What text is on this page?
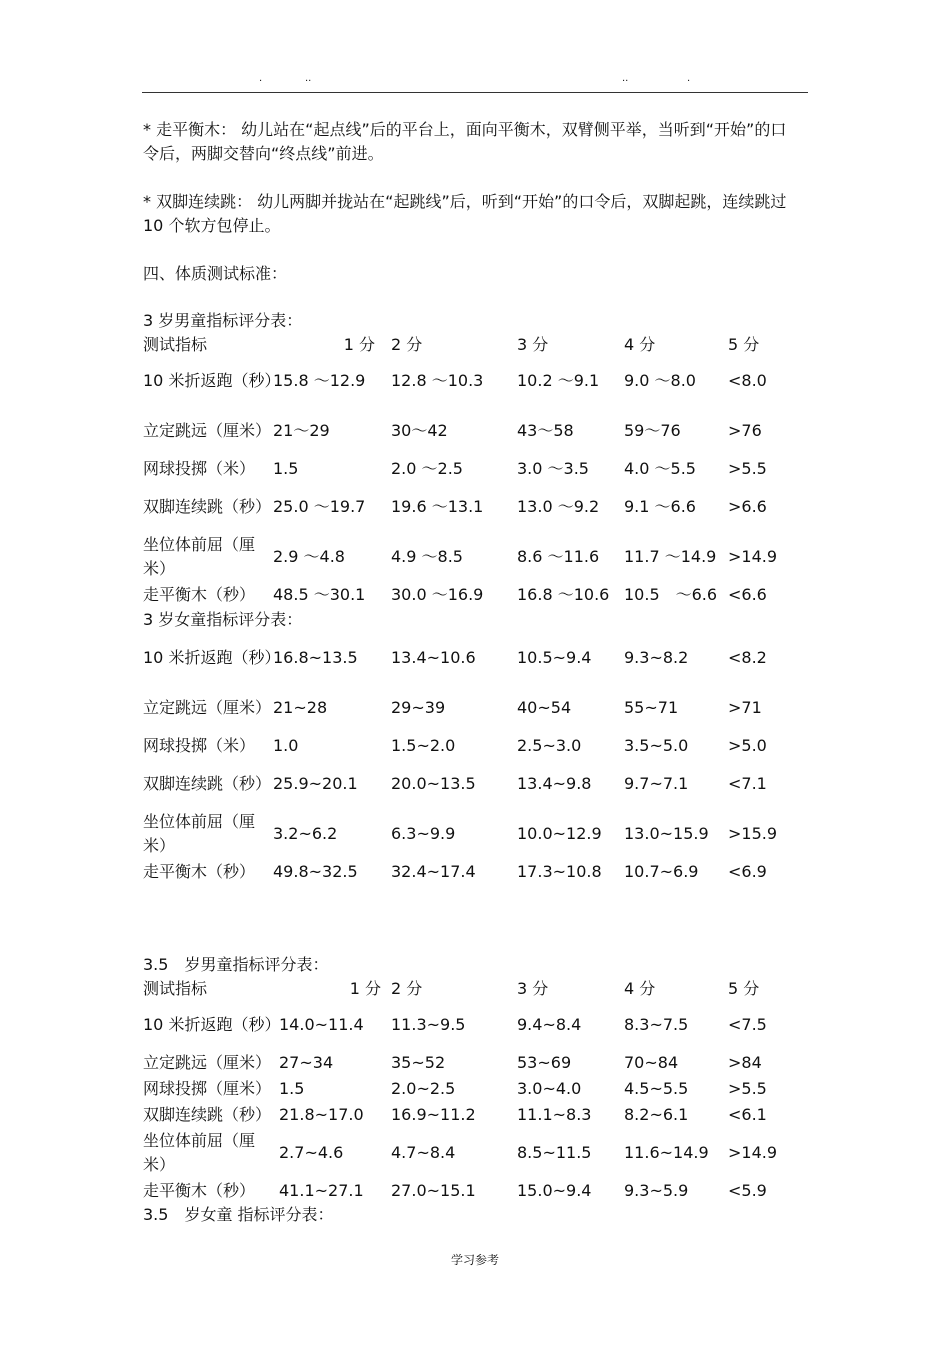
.	..	..	.
* 走平衡木： 幼儿站在“起点线”后的平台上，面向平衡木，双臂侧平举，当听到“开始”的口令后，两脚交替向“终点线”前进。
* 双脚连续跳： 幼儿两脚并拢站在“起跳线”后，听到“开始”的口令后，双脚起跳，连续跳过　10 个软方包停止。
四、体质测试标准：
3 岁男童指标评分表：
测试指标	1 分	2 分	3 分	4 分	5 分
10 米折返跑（秒）	15.8 ～12.9	12.8 ～10.3	10.2 ～9.1	9.0 ～8.0	<8.0
立定跳远（厘米）	21～29	30～42	43～58	59～76	>76
网球投掷（米）	1.5	2.0 ～2.5	3.0 ～3.5	4.0 ～5.5	>5.5
双脚连续跳（秒）	25.0 ～19.7	19.6 ～13.1	13.0 ～9.2	9.1 ～6.6	>6.6
坐位体前屈（厘米）	2.9 ～4.8	4.9 ～8.5	8.6 ～11.6	11.7 ～14.9	>14.9
走平衡木（秒）	48.5 ～30.1	30.0 ～16.9	16.8 ～10.6	10.5　～6.6	<6.6
3 岁女童指标评分表：
10 米折返跑（秒）	16.8~13.5	13.4~10.6	10.5~9.4	9.3~8.2	<8.2
立定跳远（厘米）	21~28	29~39	40~54	55~71	>71
网球投掷（米）	1.0	1.5~2.0	2.5~3.0	3.5~5.0	>5.0
双脚连续跳（秒）	25.9~20.1	20.0~13.5	13.4~9.8	9.7~7.1	<7.1
坐位体前屈（厘米）	3.2~6.2	6.3~9.9	10.0~12.9	13.0~15.9	>15.9
走平衡木（秒）	49.8~32.5	32.4~17.4	17.3~10.8	10.7~6.9	<6.9
3.5　岁男童指标评分表：
测试指标	1 分	2 分	3 分	4 分	5 分
10 米折返跑（秒）	14.0~11.4	11.3~9.5	9.4~8.4	8.3~7.5	<7.5
立定跳远（厘米）	27~34	35~52	53~69	70~84	>84
网球投掷（厘米）	1.5	2.0~2.5	3.0~4.0	4.5~5.5	>5.5
双脚连续跳（秒）	21.8~17.0	16.9~11.2	11.1~8.3	8.2~6.1	<6.1
坐位体前屈（厘米）	2.7~4.6	4.7~8.4	8.5~11.5	11.6~14.9	>14.9
走平衡木（秒）	41.1~27.1	27.0~15.1	15.0~9.4	9.3~5.9	<5.9
3.5　岁女童 指标评分表：
学习参考
